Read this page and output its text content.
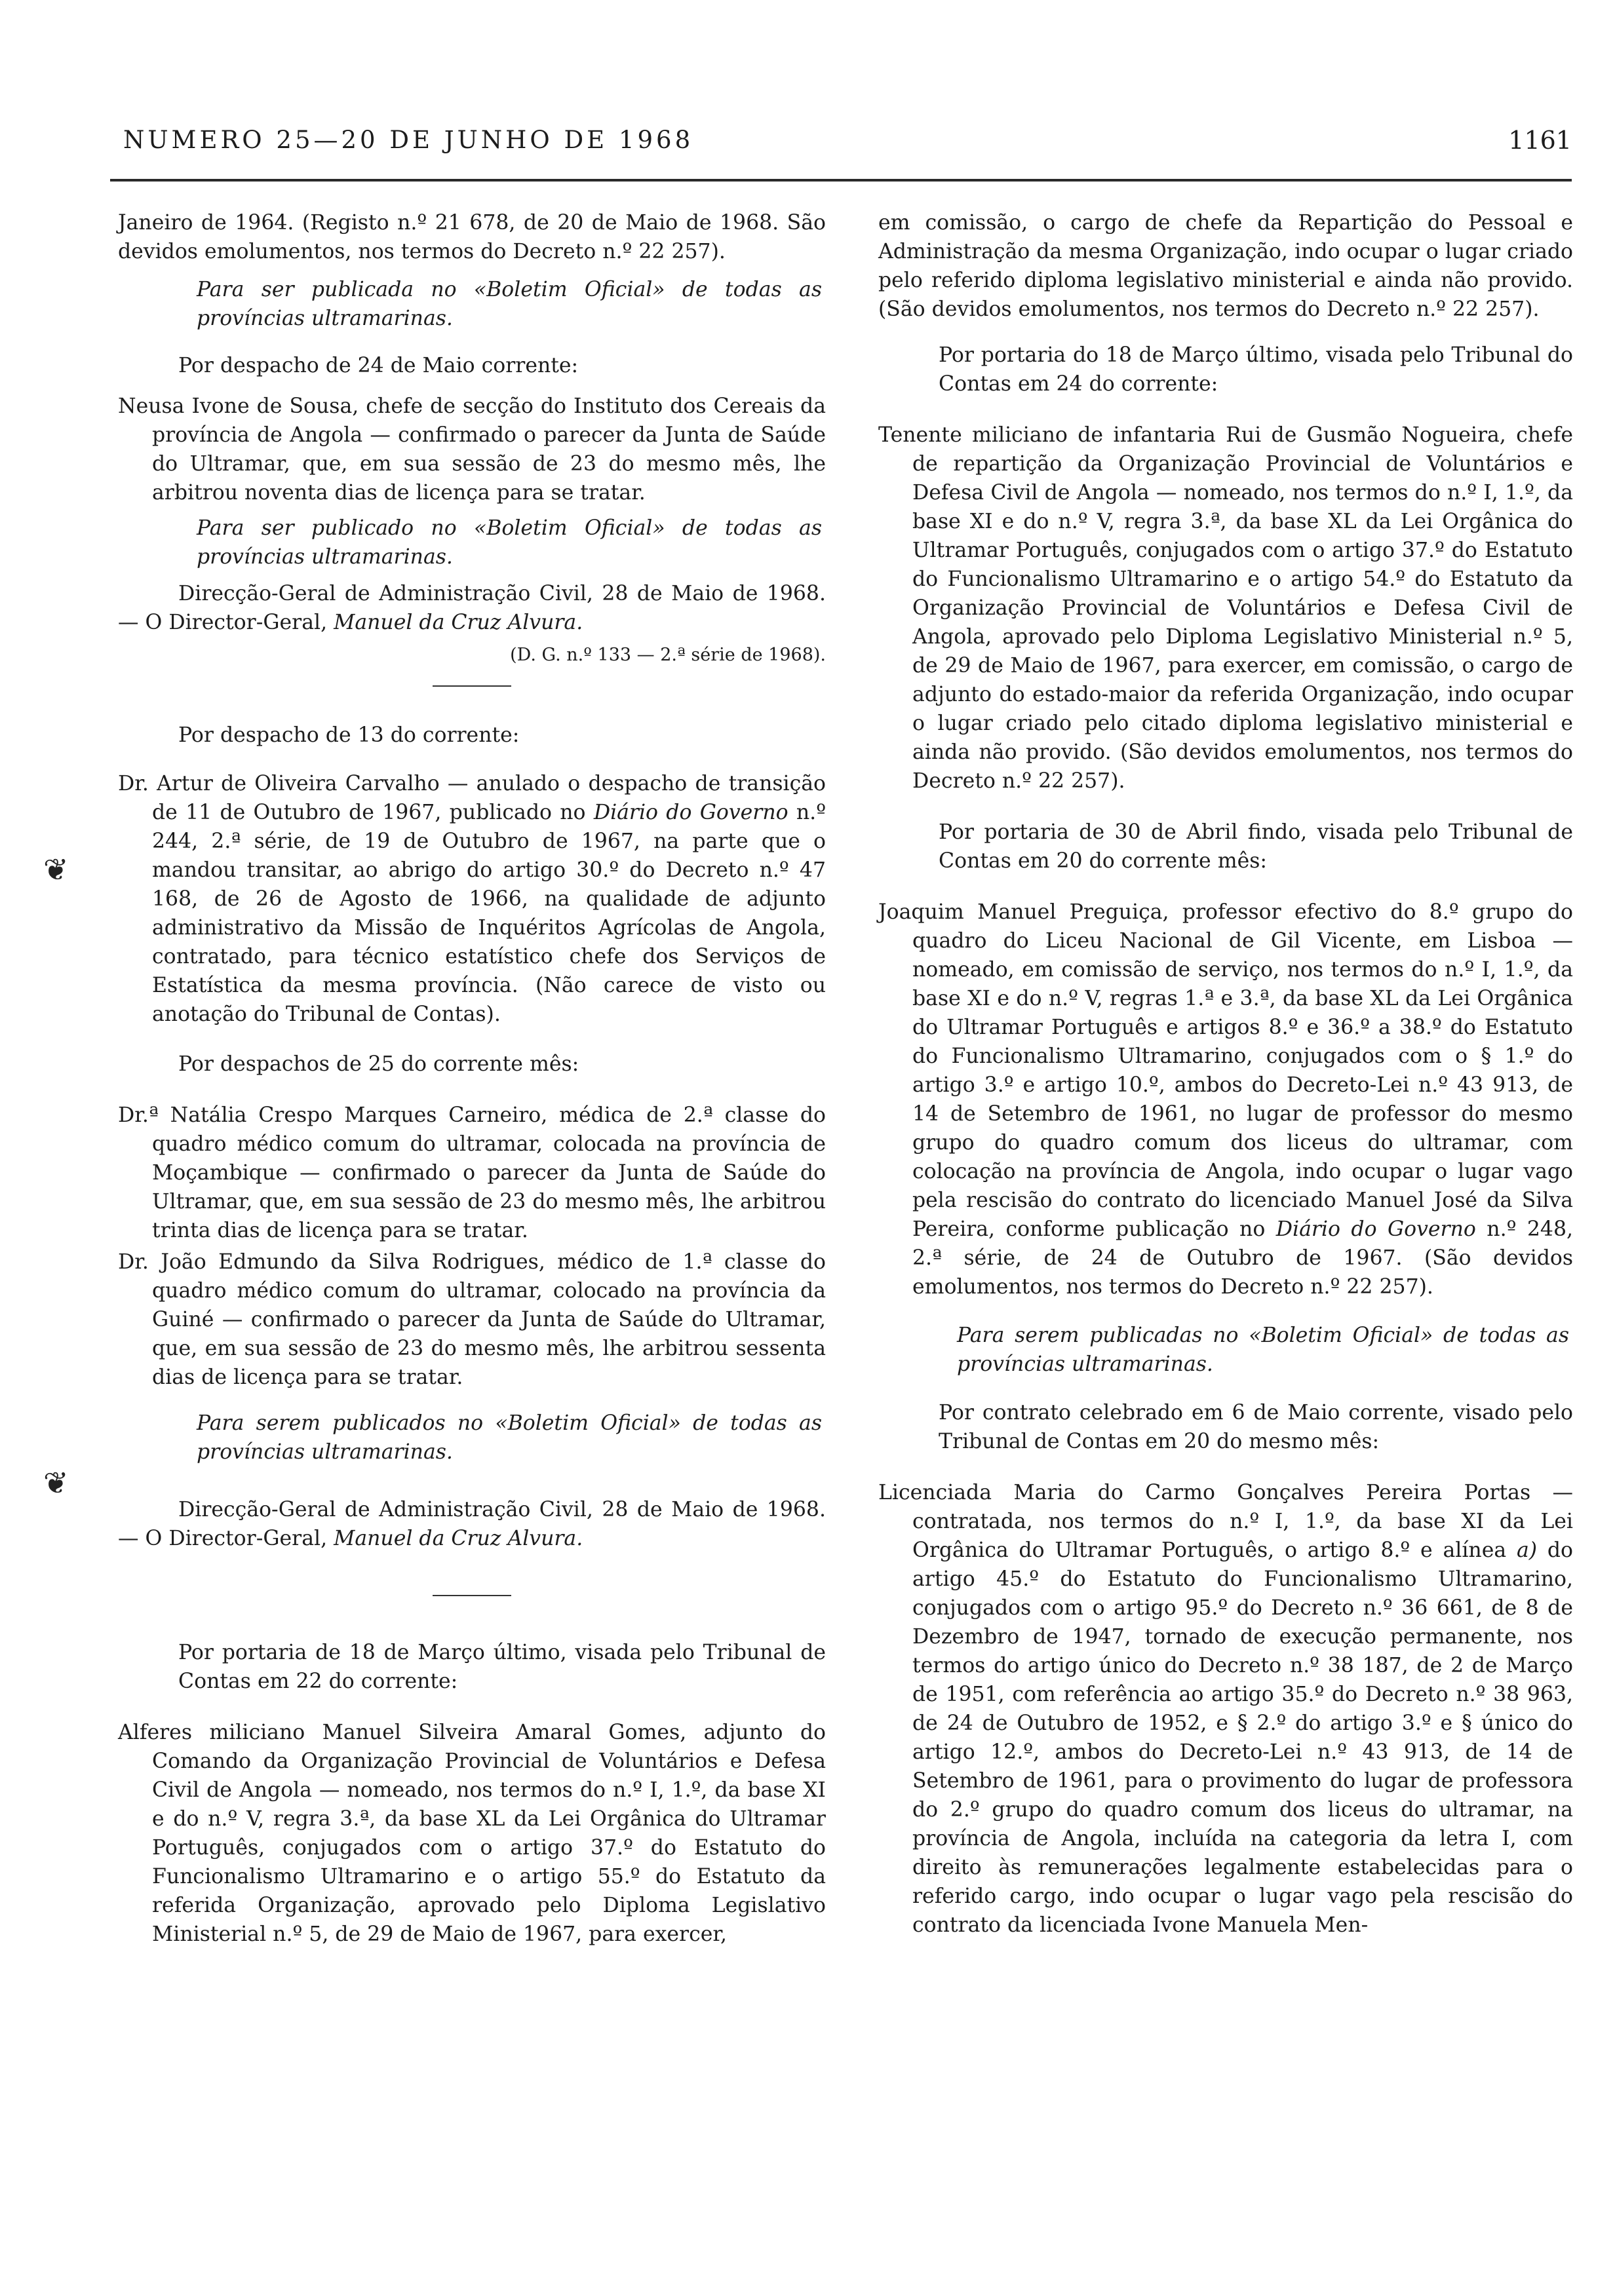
NUMERO 25—20 DE JUNHO DE 1968	1161
❦
❦

Janeiro de 1964. (Registo n.º 21 678, de 20 de Maio de 1968. São devidos emolumentos, nos termos do Decreto n.º 22 257).

Para ser publicada no «Boletim Oficial» de todas as províncias ultramarinas.

Por despacho de 24 de Maio corrente:

Neusa Ivone de Sousa, chefe de secção do Instituto dos Cereais da província de Angola — confirmado o parecer da Junta de Saúde do Ultramar, que, em sua sessão de 23 do mesmo mês, lhe arbitrou noventa dias de licença para se tratar.

Para ser publicado no «Boletim Oficial» de todas as províncias ultramarinas.

Direcção-Geral de Administração Civil, 28 de Maio de 1968. — O Director-Geral, Manuel da Cruz Alvura.

(D. G. n.º 133 — 2.ª série de 1968).

Por despacho de 13 do corrente:

Dr. Artur de Oliveira Carvalho — anulado o despacho de transição de 11 de Outubro de 1967, publicado no Diário do Governo n.º 244, 2.ª série, de 19 de Outubro de 1967, na parte que o mandou transitar, ao abrigo do artigo 30.º do Decreto n.º 47 168, de 26 de Agosto de 1966, na qualidade de adjunto administrativo da Missão de Inquéritos Agrícolas de Angola, contratado, para técnico estatístico chefe dos Serviços de Estatística da mesma província. (Não carece de visto ou anotação do Tribunal de Contas).

Por despachos de 25 do corrente mês:

Dr.ª Natália Crespo Marques Carneiro, médica de 2.ª classe do quadro médico comum do ultramar, colocada na província de Moçambique — confirmado o parecer da Junta de Saúde do Ultramar, que, em sua sessão de 23 do mesmo mês, lhe arbitrou trinta dias de licença para se tratar.

Dr. João Edmundo da Silva Rodrigues, médico de 1.ª classe do quadro médico comum do ultramar, colocado na província da Guiné — confirmado o parecer da Junta de Saúde do Ultramar, que, em sua sessão de 23 do mesmo mês, lhe arbitrou sessenta dias de licença para se tratar.

Para serem publicados no «Boletim Oficial» de todas as províncias ultramarinas.

Direcção-Geral de Administração Civil, 28 de Maio de 1968. — O Director-Geral, Manuel da Cruz Alvura.

Por portaria de 18 de Março último, visada pelo Tribunal de Contas em 22 do corrente:

Alferes miliciano Manuel Silveira Amaral Gomes, adjunto do Comando da Organização Provincial de Voluntários e Defesa Civil de Angola — nomeado, nos termos do n.º I, 1.º, da base XI e do n.º V, regra 3.ª, da base XL da Lei Orgânica do Ultramar Português, conjugados com o artigo 37.º do Estatuto do Funcionalismo Ultramarino e o artigo 55.º do Estatuto da referida Organização, aprovado pelo Diploma Legislativo Ministerial n.º 5, de 29 de Maio de 1967, para exercer,

em comissão, o cargo de chefe da Repartição do Pessoal e Administração da mesma Organização, indo ocupar o lugar criado pelo referido diploma legislativo ministerial e ainda não provido. (São devidos emolumentos, nos termos do Decreto n.º 22 257).

Por portaria do 18 de Março último, visada pelo Tribunal do Contas em 24 do corrente:

Tenente miliciano de infantaria Rui de Gusmão Nogueira, chefe de repartição da Organização Provincial de Voluntários e Defesa Civil de Angola — nomeado, nos termos do n.º I, 1.º, da base XI e do n.º V, regra 3.ª, da base XL da Lei Orgânica do Ultramar Português, conjugados com o artigo 37.º do Estatuto do Funcionalismo Ultramarino e o artigo 54.º do Estatuto da Organização Provincial de Voluntários e Defesa Civil de Angola, aprovado pelo Diploma Legislativo Ministerial n.º 5, de 29 de Maio de 1967, para exercer, em comissão, o cargo de adjunto do estado-maior da referida Organização, indo ocupar o lugar criado pelo citado diploma legislativo ministerial e ainda não provido. (São devidos emolumentos, nos termos do Decreto n.º 22 257).

Por portaria de 30 de Abril findo, visada pelo Tribunal de Contas em 20 do corrente mês:

Joaquim Manuel Preguiça, professor efectivo do 8.º grupo do quadro do Liceu Nacional de Gil Vicente, em Lisboa — nomeado, em comissão de serviço, nos termos do n.º I, 1.º, da base XI e do n.º V, regras 1.ª e 3.ª, da base XL da Lei Orgânica do Ultramar Português e artigos 8.º e 36.º a 38.º do Estatuto do Funcionalismo Ultramarino, conjugados com o § 1.º do artigo 3.º e artigo 10.º, ambos do Decreto-Lei n.º 43 913, de 14 de Setembro de 1961, no lugar de professor do mesmo grupo do quadro comum dos liceus do ultramar, com colocação na província de Angola, indo ocupar o lugar vago pela rescisão do contrato do licenciado Manuel José da Silva Pereira, conforme publicação no Diário do Governo n.º 248, 2.ª série, de 24 de Outubro de 1967. (São devidos emolumentos, nos termos do Decreto n.º 22 257).

Para serem publicadas no «Boletim Oficial» de todas as províncias ultramarinas.

Por contrato celebrado em 6 de Maio corrente, visado pelo Tribunal de Contas em 20 do mesmo mês:

Licenciada Maria do Carmo Gonçalves Pereira Portas — contratada, nos termos do n.º I, 1.º, da base XI da Lei Orgânica do Ultramar Português, o artigo 8.º e alínea a) do artigo 45.º do Estatuto do Funcionalismo Ultramarino, conjugados com o artigo 95.º do Decreto n.º 36 661, de 8 de Dezembro de 1947, tornado de execução permanente, nos termos do artigo único do Decreto n.º 38 187, de 2 de Março de 1951, com referência ao artigo 35.º do Decreto n.º 38 963, de 24 de Outubro de 1952, e § 2.º do artigo 3.º e § único do artigo 12.º, ambos do Decreto-Lei n.º 43 913, de 14 de Setembro de 1961, para o provimento do lugar de professora do 2.º grupo do quadro comum dos liceus do ultramar, na província de Angola, incluída na categoria da letra I, com direito às remunerações legalmente estabelecidas para o referido cargo, indo ocupar o lugar vago pela rescisão do contrato da licenciada Ivone Manuela Men-
